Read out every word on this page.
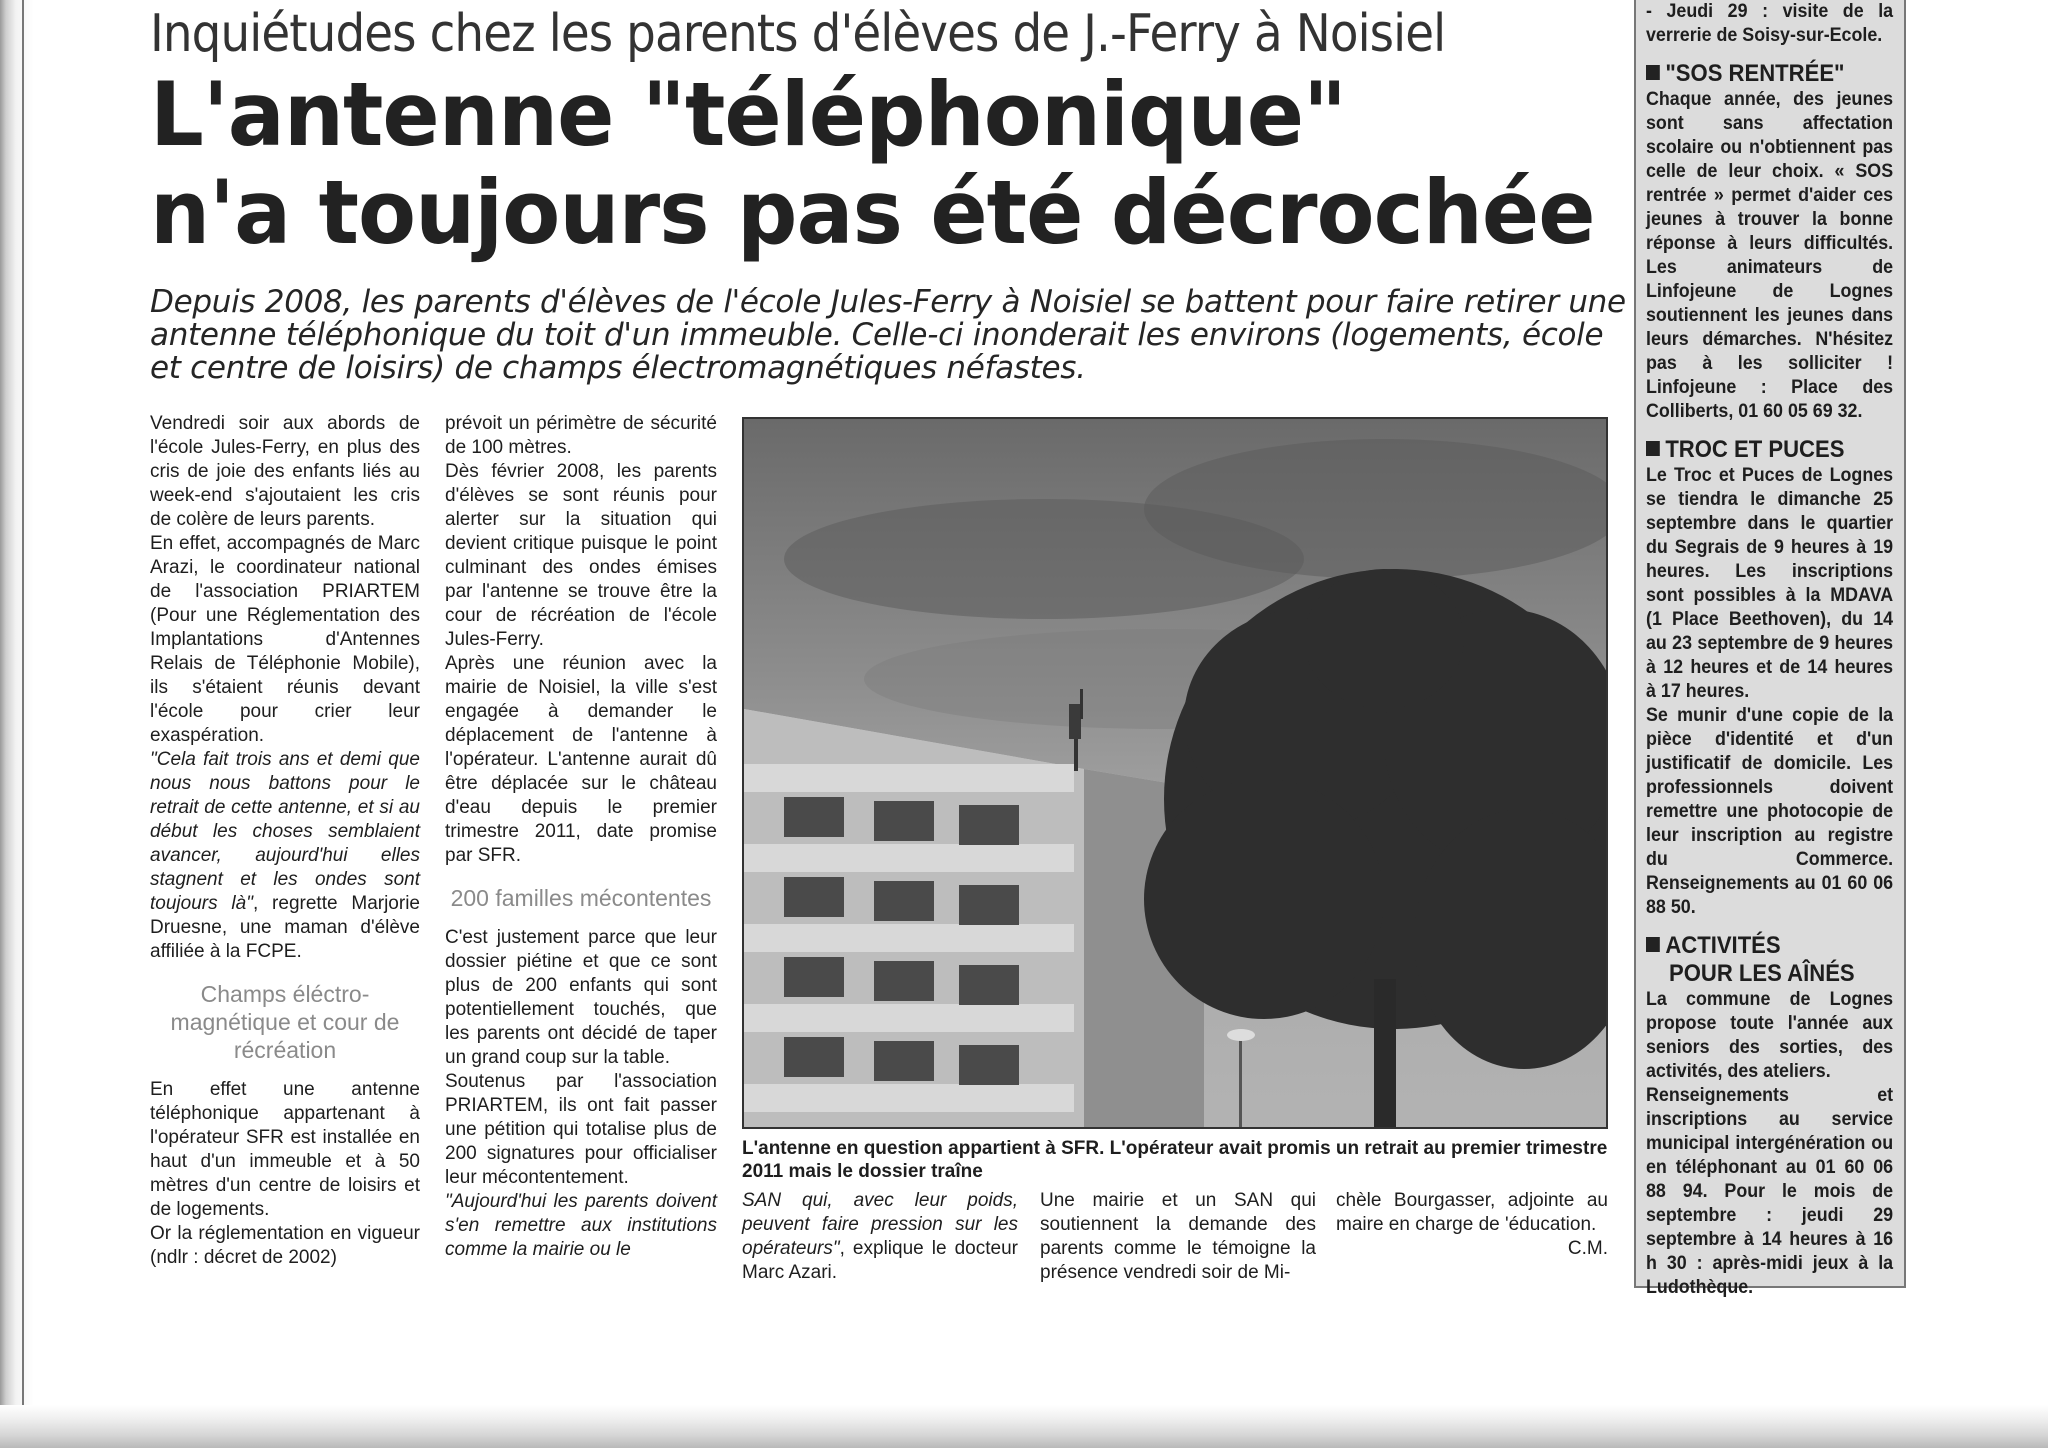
Inquiétudes chez les parents d'élèves de J.-Ferry à Noisiel
L'antenne "téléphonique"
n'a toujours pas été décrochée
Depuis 2008, les parents d'élèves de l'école Jules-Ferry à Noisiel se battent pour faire retirer une
antenne téléphonique du toit d'un immeuble. Celle-ci inonderait les environs (logements, école
et centre de loisirs) de champs électromagnétiques néfastes.

Vendredi soir aux abords de l'école Jules-Ferry, en plus des cris de joie des enfants liés au week-end s'ajoutaient les cris de colère de leurs parents.

En effet, accompagnés de Marc Arazi, le coordinateur national de l'association PRIARTEM (Pour une Réglementation des Implantations d'Antennes Relais de Téléphonie Mobile), ils s'étaient réunis devant l'école pour crier leur exaspération.

"Cela fait trois ans et demi que nous nous battons pour le retrait de cette antenne, et si au début les choses semblaient avancer, aujourd'hui elles stagnent et les ondes sont toujours là", regrette Marjorie Druesne, une maman d'élève affiliée à la FCPE.

Champs éléctro-magnétique et cour de récréation

En effet une antenne téléphonique appartenant à l'opérateur SFR est installée en haut d'un immeuble et à 50 mètres d'un centre de loisirs et de logements.

Or la réglementation en vigueur (ndlr : décret de 2002)

prévoit un périmètre de sécurité de 100 mètres.

Dès février 2008, les parents d'élèves se sont réunis pour alerter sur la situation qui devient critique puisque le point culminant des ondes émises par l'antenne se trouve être la cour de récréation de l'école Jules-Ferry.

Après une réunion avec la mairie de Noisiel, la ville s'est engagée à demander le déplacement de l'antenne à l'opérateur. L'antenne aurait dû être déplacée sur le château d'eau depuis le premier trimestre 2011, date promise par SFR.

200 familles mécontentes

C'est justement parce que leur dossier piétine et que ce sont plus de 200 enfants qui sont potentiellement touchés, que les parents ont décidé de taper un grand coup sur la table.

Soutenus par l'association PRIARTEM, ils ont fait passer une pétition qui totalise plus de 200 signatures pour officialiser leur mécontentement.

"Aujourd'hui les parents doivent s'en remettre aux institutions comme la mairie ou le

L'antenne en question appartient à SFR. L'opérateur avait promis un retrait au premier trimestre 2011 mais le dossier traîne

SAN qui, avec leur poids, peuvent faire pression sur les opérateurs", explique le docteur Marc Azari.

Une mairie et un SAN qui soutiennent la demande des parents comme le témoigne la présence vendredi soir de Mi-

chèle Bourgasser, adjointe au maire en charge de 'éducation.

C.M.
- Jeudi 29 : visite de la verrerie de Soisy-sur-Ecole.
"SOS RENTRÉE"
Chaque année, des jeunes sont sans affectation scolaire ou n'obtiennent pas celle de leur choix. « SOS rentrée » permet d'aider ces jeunes à trouver la bonne réponse à leurs difficultés. Les animateurs de Linfojeune de Lognes soutiennent les jeunes dans leurs démarches. N'hésitez pas à les solliciter ! Linfojeune : Place des Colliberts, 01 60 05 69 32.
TROC ET PUCES
Le Troc et Puces de Lognes se tiendra le dimanche 25 septembre dans le quartier du Segrais de 9 heures à 19 heures. Les inscriptions sont possibles à la MDAVA (1 Place Beethoven), du 14 au 23 septembre de 9 heures à 12 heures et de 14 heures à 17 heures.
Se munir d'une copie de la pièce d'identité et d'un justificatif de domicile. Les professionnels doivent remettre une photocopie de leur inscription au registre du Commerce. Renseignements au 01 60 06 88 50.
ACTIVITÉS
POUR LES AÎNÉS
La commune de Lognes propose toute l'année aux seniors des sorties, des activités, des ateliers.
Renseignements et inscriptions au service municipal intergénération ou en téléphonant au 01 60 06 88 94. Pour le mois de septembre : jeudi 29 septembre à 14 heures à 16 h 30 : après-midi jeux à la Ludothèque.
